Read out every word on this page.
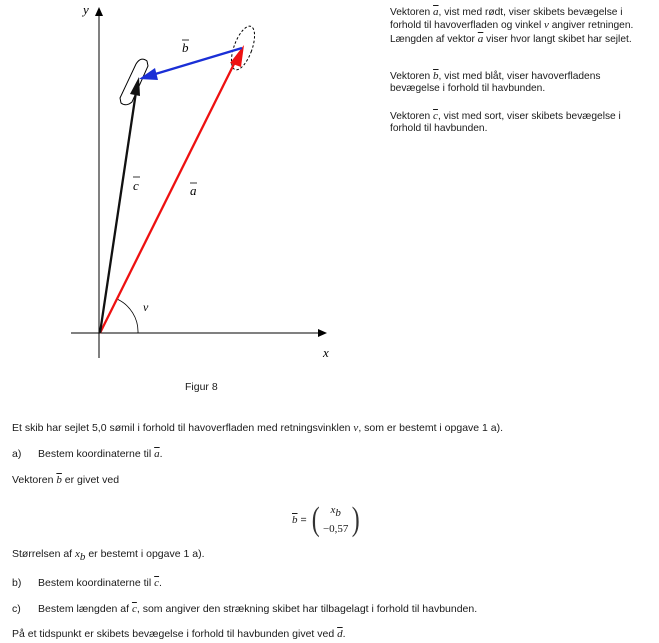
y
x
v
a
b
c

Vektoren $\overline{a}$, vist med rødt, viser skibets bevægelse i forhold til havoverfladen og vinkel v angiver retningen. Længden af vektor $\overline{a}$ viser hvor langt skibet har sejlet.

Vektoren $\overline{b}$, vist med blåt, viser havoverfladens bevægelse i forhold til havbunden.

Vektoren $\overline{c}$, vist med sort, viser skibets bevægelse i forhold til havbunden.

Figur 8
Et skib har sejlet 5,0 sømil i forhold til havoverfladen med retningsvinklen v, som er bestemt i opgave 1 a).
a) Bestem koordinaterne til $\overline{a}$.
Vektoren $\overline{b}$ er givet ved
$\overline{b}$ = ( $x_b$
−0,57 )
Størrelsen af $x_b$ er bestemt i opgave 1 a).
b) Bestem koordinaterne til $\overline{c}$.
c) Bestem længden af $\overline{c}$, som angiver den strækning skibet har tilbagelagt i forhold til havbunden.
På et tidspunkt er skibets bevægelse i forhold til havbunden givet ved $\overline{d}$.
